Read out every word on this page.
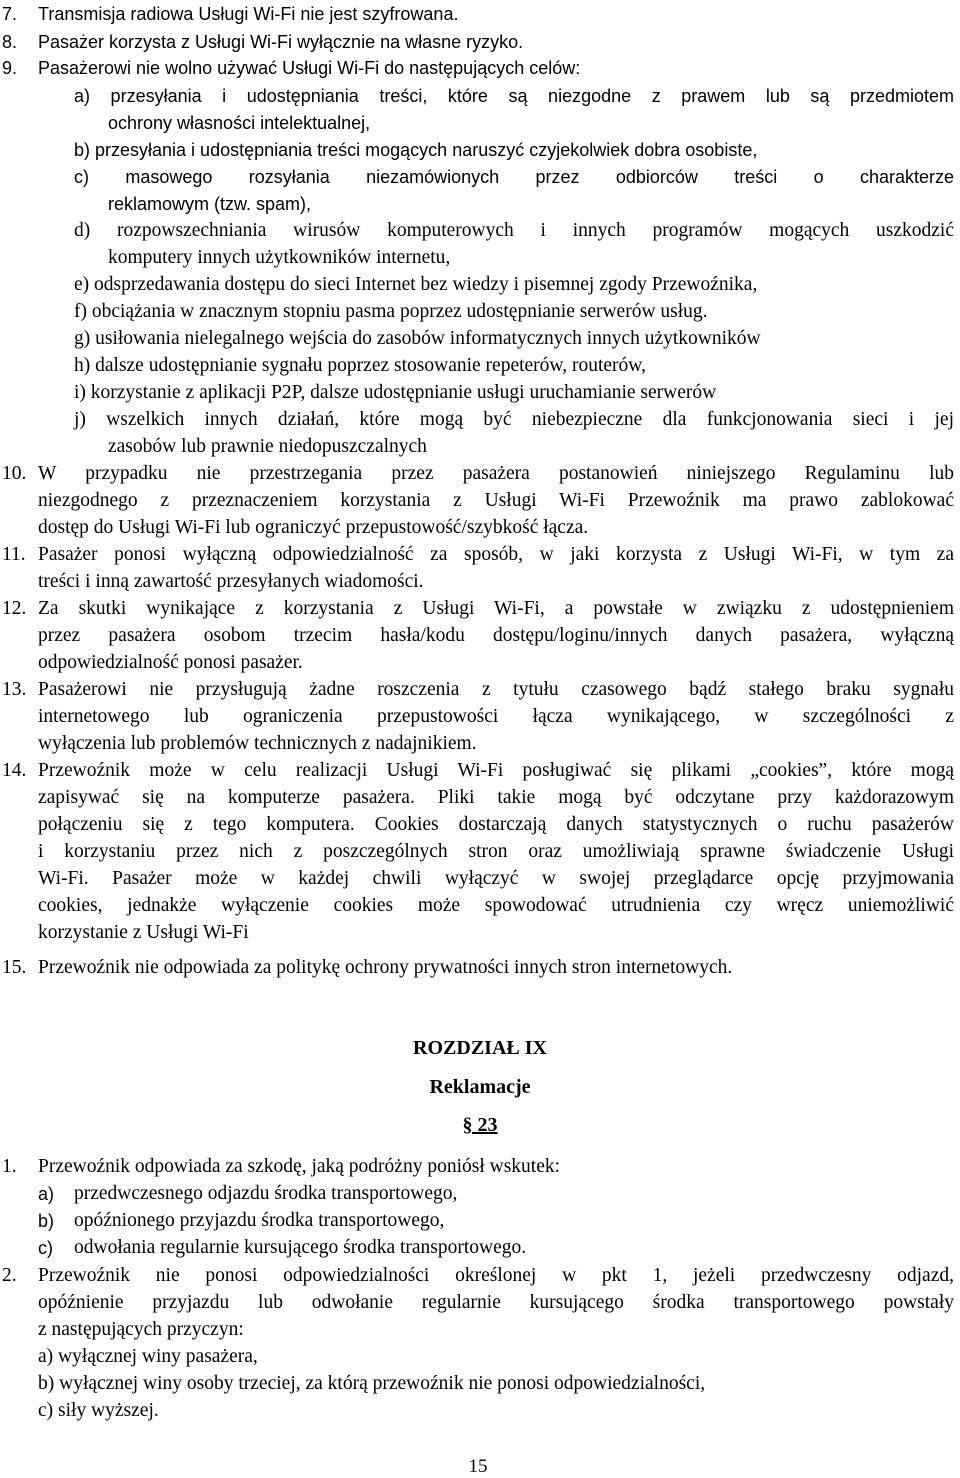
7. Transmisja radiowa Usługi Wi-Fi nie jest szyfrowana.
8. Pasażer korzysta z Usługi Wi-Fi wyłącznie na własne ryzyko.
9. Pasażerowi nie wolno używać Usługi Wi-Fi do następujących celów:
a) przesyłania i udostępniania treści, które są niezgodne z prawem lub są przedmiotem
ochrony własności intelektualnej,
b) przesyłania i udostępniania treści mogących naruszyć czyjekolwiek dobra osobiste,
c) masowego rozsyłania niezamówionych przez odbiorców treści o charakterze
reklamowym (tzw. spam),
d) rozpowszechniania wirusów komputerowych i innych programów mogących uszkodzić
komputery innych użytkowników internetu,
e) odsprzedawania dostępu do sieci Internet bez wiedzy i pisemnej zgody Przewoźnika,
f) obciążania w znacznym stopniu pasma poprzez udostępnianie serwerów usług.
g) usiłowania nielegalnego wejścia do zasobów informatycznych innych użytkowników
h) dalsze udostępnianie sygnału poprzez stosowanie repeterów, routerów,
i) korzystanie z aplikacji P2P, dalsze udostępnianie usługi uruchamianie serwerów
j) wszelkich innych działań, które mogą być niebezpieczne dla funkcjonowania sieci i jej
zasobów lub prawnie niedopuszczalnych
10. W przypadku nie przestrzegania przez pasażera postanowień niniejszego Regulaminu lub
niezgodnego z przeznaczeniem korzystania z Usługi Wi-Fi Przewoźnik ma prawo zablokować
dostęp do Usługi Wi-Fi lub ograniczyć przepustowość/szybkość łącza.
11. Pasażer ponosi wyłączną odpowiedzialność za sposób, w jaki korzysta z Usługi Wi-Fi, w tym za
treści i inną zawartość przesyłanych wiadomości.
12. Za skutki wynikające z korzystania z Usługi Wi-Fi, a powstałe w związku z udostępnieniem
przez pasażera osobom trzecim hasła/kodu dostępu/loginu/innych danych pasażera, wyłączną
odpowiedzialność ponosi pasażer.
13. Pasażerowi nie przysługują żadne roszczenia z tytułu czasowego bądź stałego braku sygnału
internetowego lub ograniczenia przepustowości łącza wynikającego, w szczególności z
wyłączenia lub problemów technicznych z nadajnikiem.
14. Przewoźnik może w celu realizacji Usługi Wi-Fi posługiwać się plikami „cookies”, które mogą
zapisywać się na komputerze pasażera. Pliki takie mogą być odczytane przy każdorazowym
połączeniu się z tego komputera. Cookies dostarczają danych statystycznych o ruchu pasażerów
i korzystaniu przez nich z poszczególnych stron oraz umożliwiają sprawne świadczenie Usługi
Wi-Fi. Pasażer może w każdej chwili wyłączyć w swojej przeglądarce opcję przyjmowania
cookies, jednakże wyłączenie cookies może spowodować utrudnienia czy wręcz uniemożliwić
korzystanie z Usługi Wi-Fi
15. Przewoźnik nie odpowiada za politykę ochrony prywatności innych stron internetowych.
ROZDZIAŁ IX
Reklamacje
§ 23
1. Przewoźnik odpowiada za szkodę, jaką podróżny poniósł wskutek:
a) przedwczesnego odjazdu środka transportowego,
b) opóźnionego przyjazdu środka transportowego,
c) odwołania regularnie kursującego środka transportowego.
2. Przewoźnik nie ponosi odpowiedzialności określonej w pkt 1, jeżeli przedwczesny odjazd,
opóźnienie przyjazdu lub odwołanie regularnie kursującego środka transportowego powstały
z następujących przyczyn:
a) wyłącznej winy pasażera,
b) wyłącznej winy osoby trzeciej, za którą przewoźnik nie ponosi odpowiedzialności,
c) siły wyższej.
15
